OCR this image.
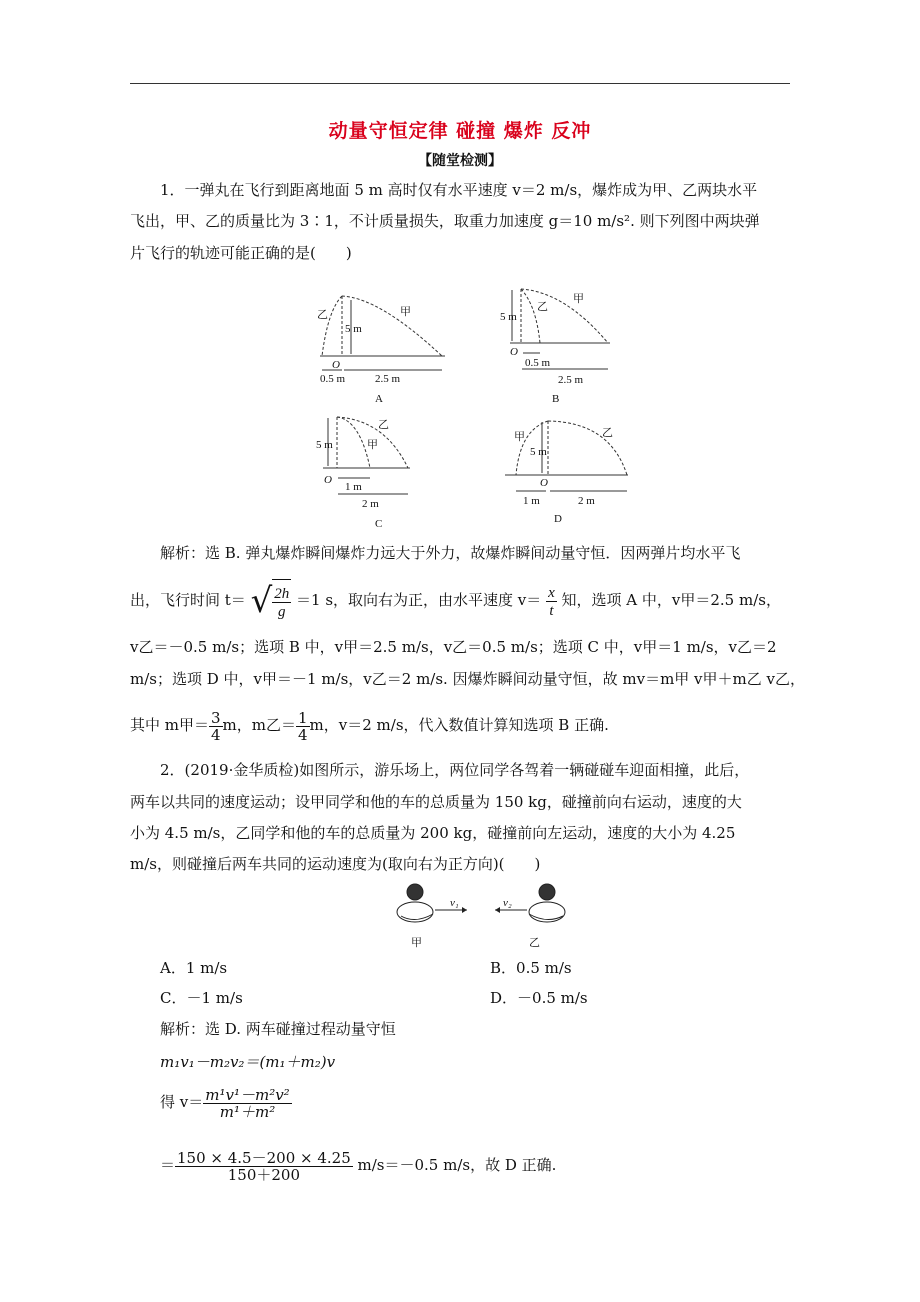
动量守恒定律 碰撞 爆炸 反冲
【随堂检测】
1．一弹丸在飞行到距离地面 5 m 高时仅有水平速度 v＝2 m/s，爆炸成为甲、乙两块水平
飞出，甲、乙的质量比为 3∶1，不计质量损失，取重力加速度 g＝10 m/s². 则下列图中两块弹
片飞行的轨迹可能正确的是(　　)
5 m
O
0.5 m	2.5 m
甲
乙
A
5 m
O
0.5 m
2.5 m
甲
乙
B
5 m
O
1 m
2 m
甲
乙
C
5 m
O
1 m	2 m
甲	乙
D
解析：选 B. 弹丸爆炸瞬间爆炸力远大于外力，故爆炸瞬间动量守恒．因两弹片均水平飞
出，飞行时间 t＝ √ $\frac{2h}{g} =1$ s，取向右为正，由水平速度 $v= \frac{x}{t}$ 知，选项 A 中，v甲＝2.5 m/s，
v乙＝－0.5 m/s；选项 B 中，v甲＝2.5 m/s，v乙＝0.5 m/s；选项 C 中，v甲＝1 m/s，v乙＝2
m/s；选项 D 中，v甲＝－1 m/s，v乙＝2 m/s. 因爆炸瞬间动量守恒，故 mv＝m甲 v甲＋m乙 v乙，
其中 m甲＝ $\frac{3}{4}$ m，m乙＝ $\frac{1}{4}$ m，v＝2 m/s，代入数值计算知选项 B 正确.
2．(2019·金华质检)如图所示，游乐场上，两位同学各驾着一辆碰碰车迎面相撞，此后，
两车以共同的速度运动；设甲同学和他的车的总质量为 150 kg，碰撞前向右运动，速度的大
小为 4.5 m/s，乙同学和他的车的总质量为 200 kg，碰撞前向左运动，速度的大小为 4.25
m/s，则碰撞后两车共同的运动速度为(取向右为正方向)(　　)
v₁	v₂
甲	乙
A．1 m/s	B．0.5 m/s
C．－1 m/s	D．－0.5 m/s
解析：选 D. 两车碰撞过程动量守恒
m₁v₁－m₂v₂＝(m₁＋m₂)v
得 $v= \frac{\text{m¹v¹－m²v²}}{\text{m¹＋m²}}$
＝ $\frac{150 \times 4.5-200 \times 4.25}{150+200} m/s=-0.5$ m/s，故 D 正确.
